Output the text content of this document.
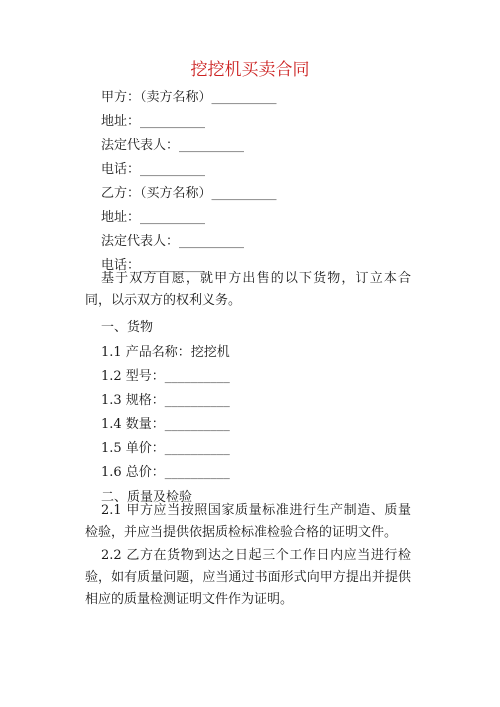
挖挖机买卖合同
甲方：（卖方名称）__________
地址：__________
法定代表人：__________
电话：__________
乙方：（买方名称）__________
地址：__________
法定代表人：__________
电话：__________
基于双方自愿，就甲方出售的以下货物，订立本合同，以示双方的权利义务。
一、货物
1.1 产品名称：挖挖机
1.2 型号：__________
1.3 规格：__________
1.4 数量：__________
1.5 单价：__________
1.6 总价：__________
二、质量及检验
2.1 甲方应当按照国家质量标准进行生产制造、质量检验，并应当提供依据质检标准检验合格的证明文件。
2.2 乙方在货物到达之日起三个工作日内应当进行检验，如有质量问题，应当通过书面形式向甲方提出并提供相应的质量检测证明文件作为证明。
